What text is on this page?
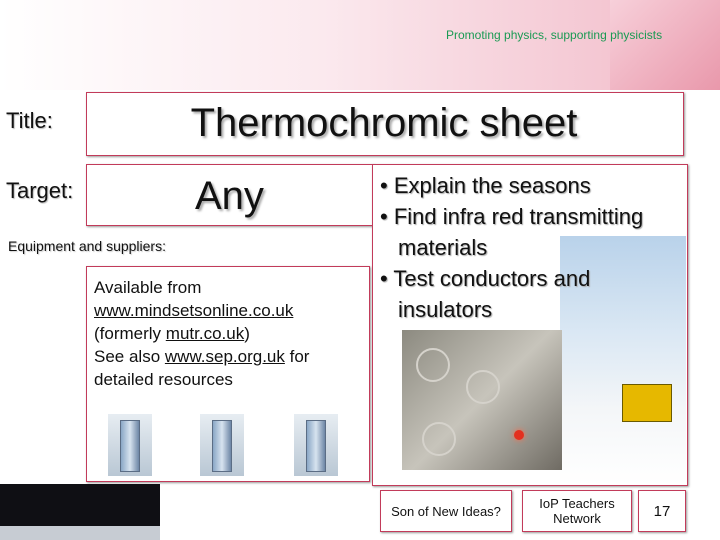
Promoting physics, supporting physicists
Title:	Thermochromic sheet
Target:	Any
Equipment and suppliers:
Available from
www.mindsetsonline.co.uk
(formerly mutr.co.uk)
See also www.sep.org.uk for
detailed resources
• Explain the seasons
• Find infra red transmitting materials
• Test conductors and insulators
Son of New Ideas?	IoP Teachers Network	17
